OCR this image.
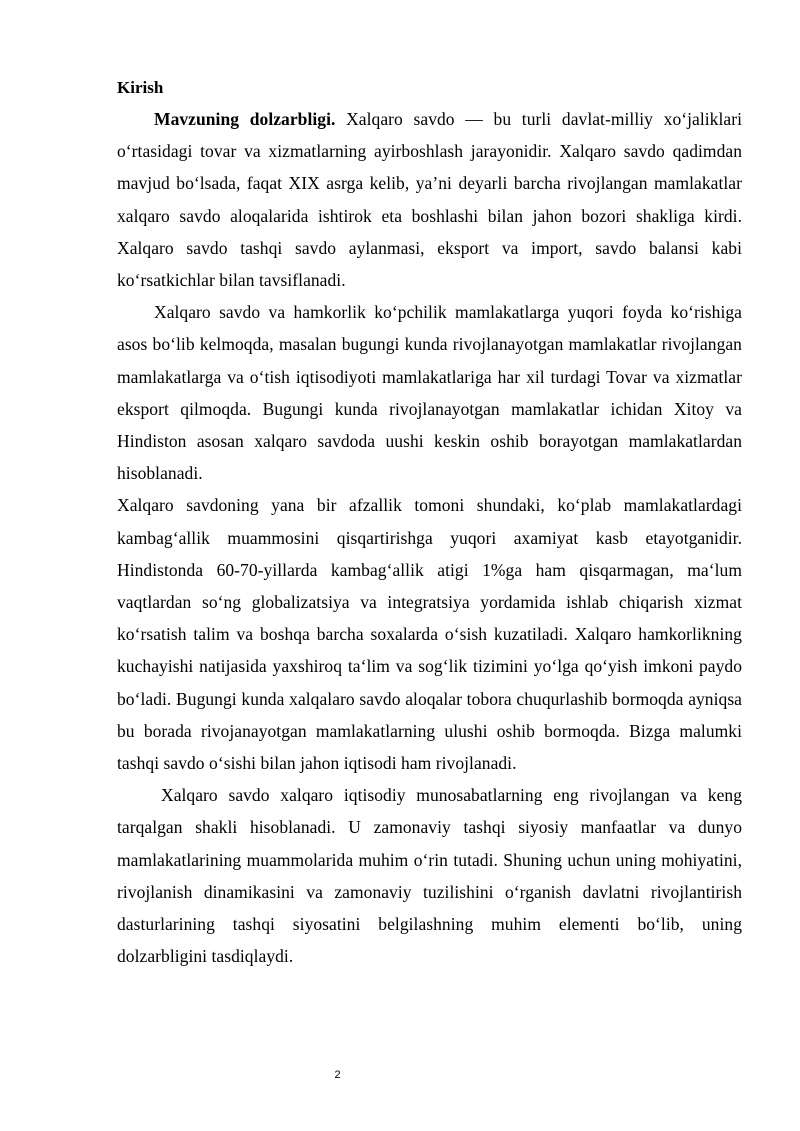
Kirish

Mavzuning dolzarbligi. Xalqaro savdo — bu turli davlat-milliy xo‘jaliklari o‘rtasidagi tovar va xizmatlarning ayirboshlash jarayonidir. Xalqaro savdo qadimdan mavjud bo‘lsada, faqat XIX asrga kelib, ya’ni deyarli barcha rivojlangan mamlakatlar xalqaro savdo aloqalarida ishtirok eta boshlashi bilan jahon bozori shakliga kirdi. Xalqaro savdo tashqi savdo aylanmasi, eksport va import, savdo balansi kabi ko‘rsatkichlar bilan tavsiflanadi.

Xalqaro savdo va hamkorlik ko‘pchilik mamlakatlarga yuqori foyda ko‘rishiga asos bo‘lib kelmoqda, masalan bugungi kunda rivojlanayotgan mamlakatlar rivojlangan mamlakatlarga va o‘tish iqtisodiyoti mamlakatlariga har xil turdagi Tovar va xizmatlar eksport qilmoqda. Bugungi kunda rivojlanayotgan mamlakatlar ichidan Xitoy va Hindiston asosan xalqaro savdoda uushi keskin oshib borayotgan mamlakatlardan hisoblanadi.

Xalqaro savdoning yana bir afzallik tomoni shundaki, ko‘plab mamlakatlardagi kambag‘allik muammosini qisqartirishga yuqori axamiyat kasb etayotganidir. Hindistonda 60-70-yillarda kambag‘allik atigi 1%ga ham qisqarmagan, ma‘lum vaqtlardan so‘ng globalizatsiya va integratsiya yordamida ishlab chiqarish xizmat ko‘rsatish talim va boshqa barcha soxalarda o‘sish kuzatiladi. Xalqaro hamkorlikning kuchayishi natijasida yaxshiroq ta‘lim va sog‘lik tizimini yo‘lga qo‘yish imkoni paydo bo‘ladi. Bugungi kunda xalqalaro savdo aloqalar tobora chuqurlashib bormoqda ayniqsa bu borada rivojanayotgan mamlakatlarning ulushi oshib bormoqda. Bizga malumki tashqi savdo o‘sishi bilan jahon iqtisodi ham rivojlanadi.

Xalqaro savdo xalqaro iqtisodiy munosabatlarning eng rivojlangan va keng tarqalgan shakli hisoblanadi. U zamonaviy tashqi siyosiy manfaatlar va dunyo mamlakatlarining muammolarida muhim o‘rin tutadi. Shuning uchun uning mohiyatini, rivojlanish dinamikasini va zamonaviy tuzilishini o‘rganish davlatni rivojlantirish dasturlarining tashqi siyosatini belgilashning muhim elementi bo‘lib, uning dolzarbligini tasdiqlaydi.

2
